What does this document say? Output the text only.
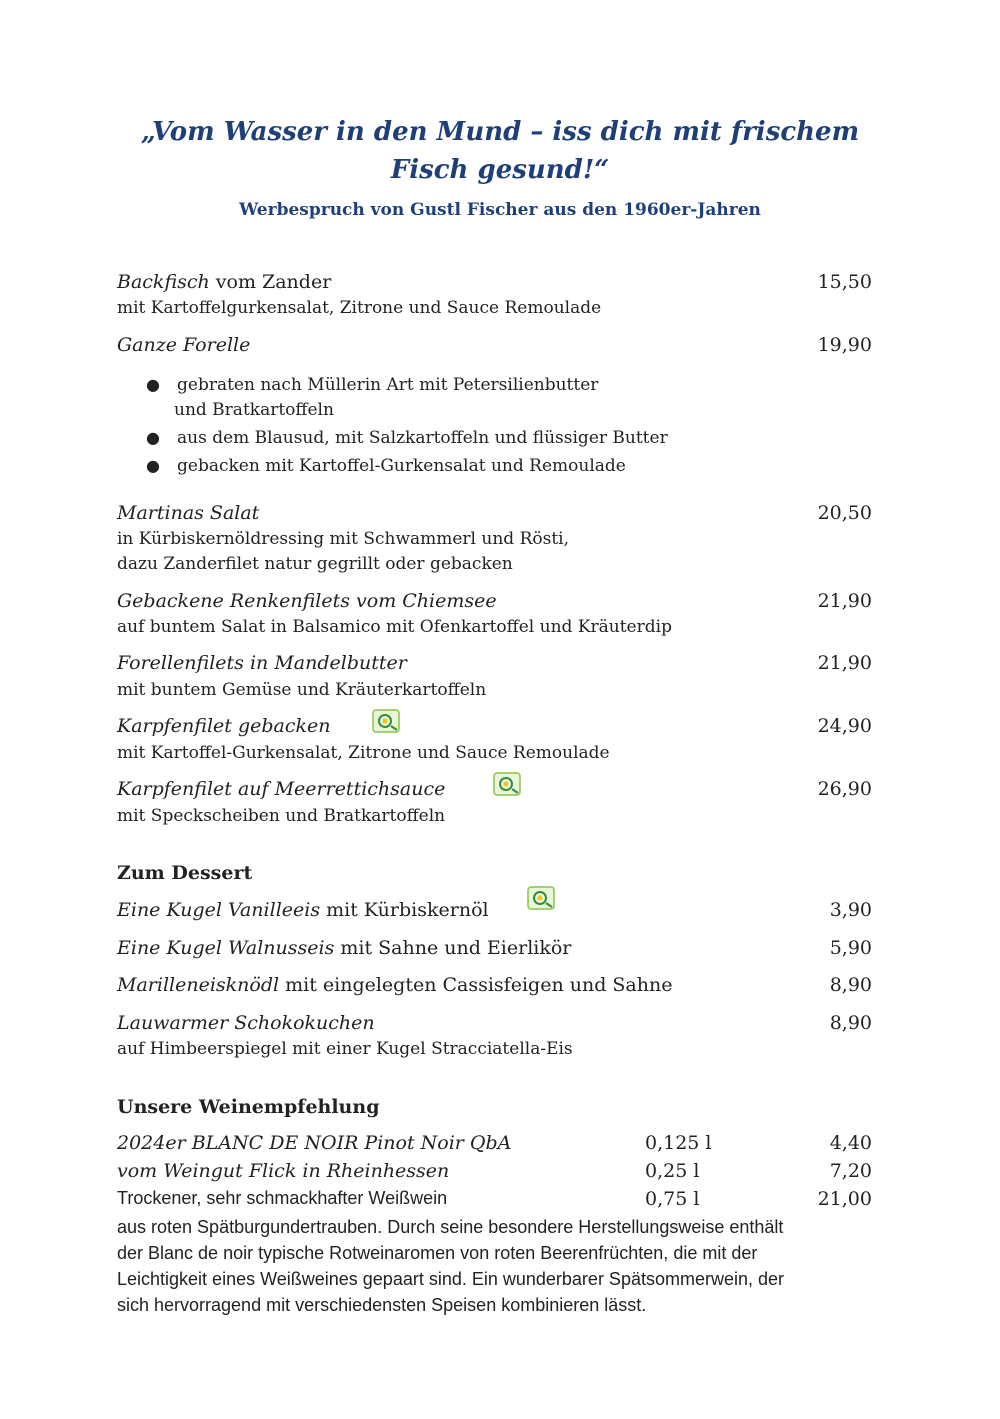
„Vom Wasser in den Mund – iss dich mit frischem
Fisch gesund!“
Werbespruch von Gustl Fischer aus den 1960er-Jahren
Backfisch vom Zander	15,50
mit Kartoffelgurkensalat, Zitrone und Sauce Remoulade
Ganze Forelle	19,90
● gebraten nach Müllerin Art mit Petersilienbutter
und Bratkartoffeln
● aus dem Blausud, mit Salzkartoffeln und flüssiger Butter
● gebacken mit Kartoffel-Gurkensalat und Remoulade
Martinas Salat	20,50
in Kürbiskernöldressing mit Schwammerl und Rösti,
dazu Zanderfilet natur gegrillt oder gebacken
Gebackene Renkenfilets vom Chiemsee	21,90
auf buntem Salat in Balsamico mit Ofenkartoffel und Kräuterdip
Forellenfilets in Mandelbutter	21,90
mit buntem Gemüse und Kräuterkartoffeln
Karpfenfilet gebacken	24,90
mit Kartoffel-Gurkensalat, Zitrone und Sauce Remoulade
Karpfenfilet auf Meerrettichsauce	26,90
mit Speckscheiben und Bratkartoffeln
Zum Dessert
Eine Kugel Vanilleeis mit Kürbiskernöl	3,90
Eine Kugel Walnusseis mit Sahne und Eierlikör	5,90
Marilleneisknödl mit eingelegten Cassisfeigen und Sahne	8,90
Lauwarmer Schokokuchen	8,90
auf Himbeerspiegel mit einer Kugel Stracciatella-Eis
Unsere Weinempfehlung
2024er BLANC DE NOIR Pinot Noir QbA	0,125 l	4,40
vom Weingut Flick in Rheinhessen	0,25 l	7,20
Trockener, sehr schmackhafter Weißwein	0,75 l	21,00
aus roten Spätburgundertrauben. Durch seine besondere Herstellungsweise enthält
der Blanc de noir typische Rotweinaromen von roten Beerenfrüchten, die mit der
Leichtigkeit eines Weißweines gepaart sind. Ein wunderbarer Spätsommerwein, der
sich hervorragend mit verschiedensten Speisen kombinieren lässt.
